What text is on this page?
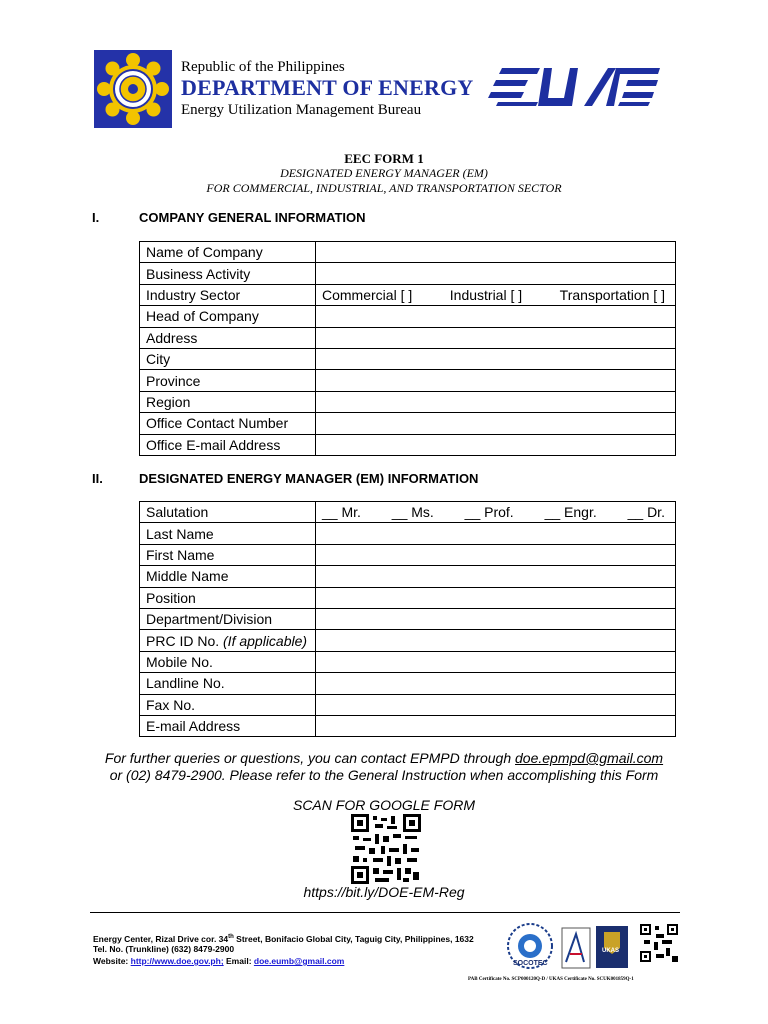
Republic of the Philippines
DEPARTMENT OF ENERGY
Energy Utilization Management Bureau
EEC FORM 1
DESIGNATED ENERGY MANAGER (EM)
FOR COMMERCIAL, INDUSTRIAL, AND TRANSPORTATION SECTOR
I.	COMPANY GENERAL INFORMATION
Name of Company	
Business Activity	
Industry Sector	Commercial [ ] Industrial [ ] Transportation [ ]

Head of Company	
Address	
City	
Province	
Region	
Office Contact Number	
Office E-mail Address	
II.	DESIGNATED ENERGY MANAGER (EM) INFORMATION
Salutation	__ Mr. __ Ms. __ Prof. __ Engr. __ Dr.

Last Name	
First Name	
Middle Name	
Position	
Department/Division	
PRC ID No. (If applicable)	
Mobile No.	
Landline No.	
Fax No.	
E-mail Address	
For further queries or questions, you can contact EPMPD through doe.epmpd@gmail.com
or (02) 8479-2900. Please refer to the General Instruction when accomplishing this Form
SCAN FOR GOOGLE FORM
https://bit.ly/DOE-EM-Reg
Energy Center, Rizal Drive cor. 34th Street, Bonifacio Global City, Taguig City, Philippines, 1632
Tel. No. (Trunkline) (632) 8479-2900
Website: http://www.doe.gov.ph; Email: doe.eumb@gmail.com	SOCOTEC
UKAS
PAB Certificate No. SCP000120Q-D / UKAS Certificate No. SCUK001859Q-1
